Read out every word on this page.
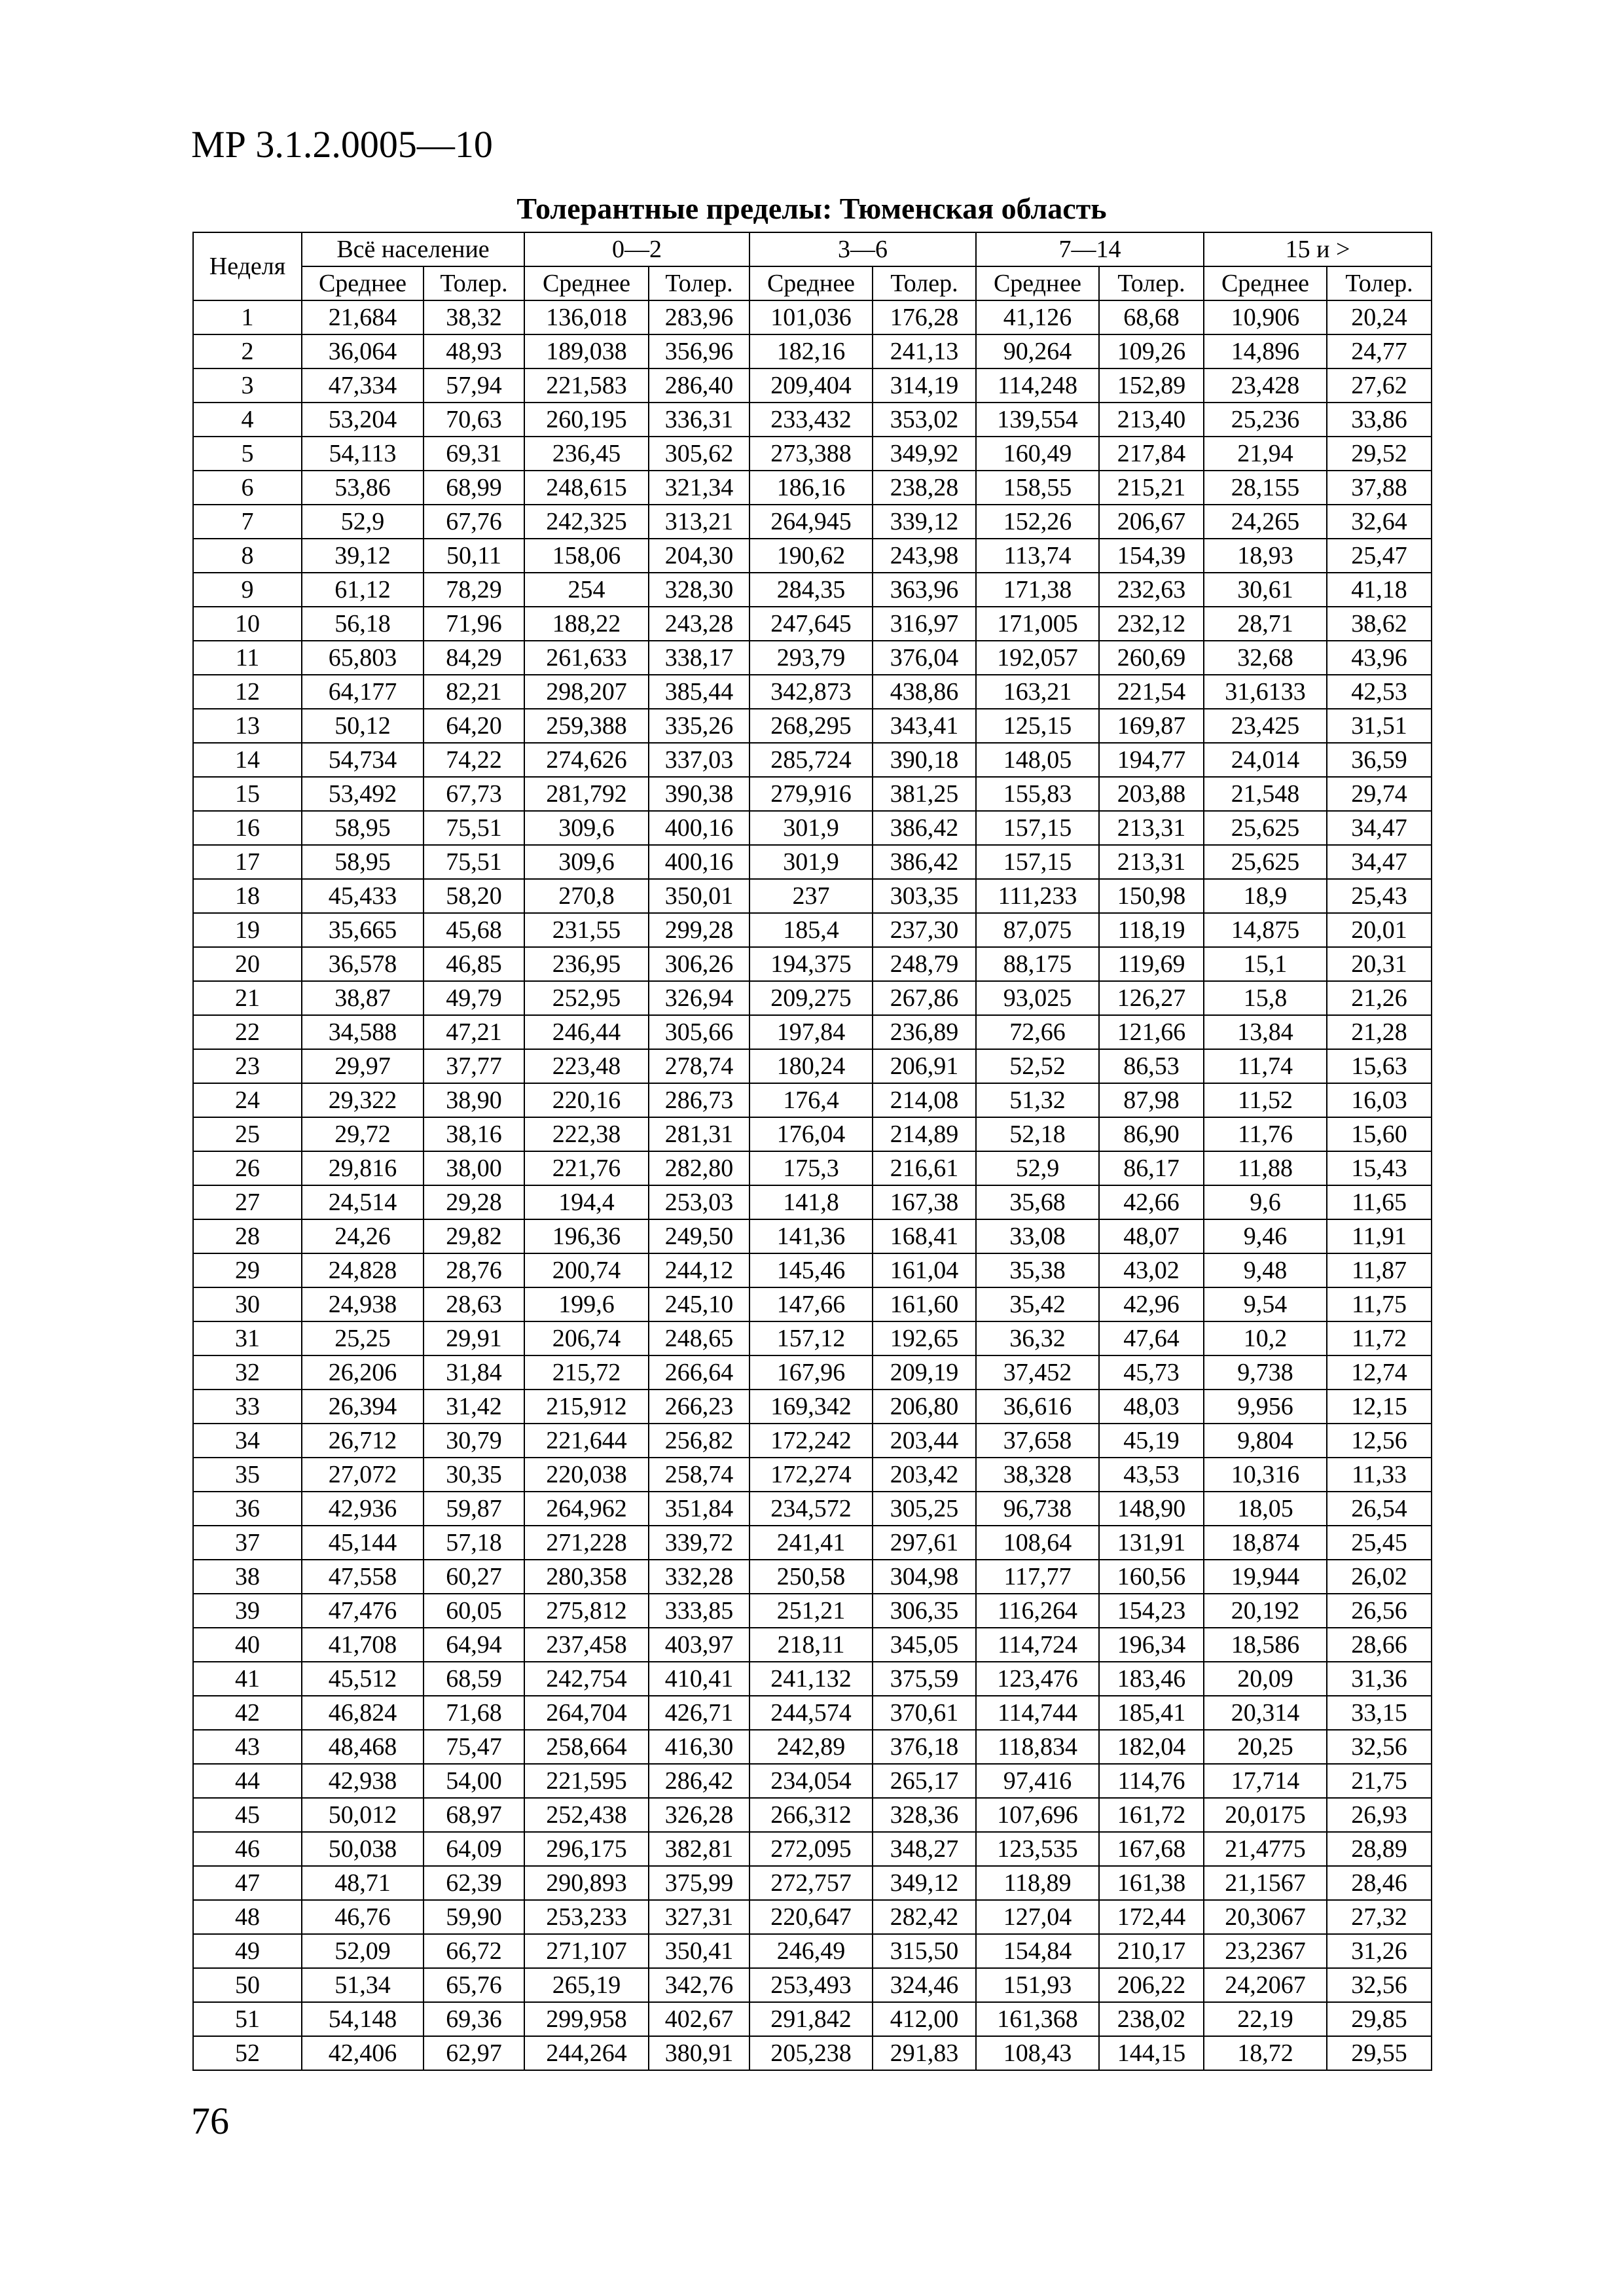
МР 3.1.2.0005—10
Толерантные пределы: Тюменская область
Неделя	Всё население		0—2		3—6		7—14		15 и >	
	Среднее	Толер.	Среднее	Толер.	Среднее	Толер.	Среднее	Толер.	Среднее	Толер.
1	21,684	38,32	136,018	283,96	101,036	176,28	41,126	68,68	10,906	20,24
2	36,064	48,93	189,038	356,96	182,16	241,13	90,264	109,26	14,896	24,77
3	47,334	57,94	221,583	286,40	209,404	314,19	114,248	152,89	23,428	27,62
4	53,204	70,63	260,195	336,31	233,432	353,02	139,554	213,40	25,236	33,86
5	54,113	69,31	236,45	305,62	273,388	349,92	160,49	217,84	21,94	29,52
6	53,86	68,99	248,615	321,34	186,16	238,28	158,55	215,21	28,155	37,88
7	52,9	67,76	242,325	313,21	264,945	339,12	152,26	206,67	24,265	32,64
8	39,12	50,11	158,06	204,30	190,62	243,98	113,74	154,39	18,93	25,47
9	61,12	78,29	254	328,30	284,35	363,96	171,38	232,63	30,61	41,18
10	56,18	71,96	188,22	243,28	247,645	316,97	171,005	232,12	28,71	38,62
11	65,803	84,29	261,633	338,17	293,79	376,04	192,057	260,69	32,68	43,96
12	64,177	82,21	298,207	385,44	342,873	438,86	163,21	221,54	31,6133	42,53
13	50,12	64,20	259,388	335,26	268,295	343,41	125,15	169,87	23,425	31,51
14	54,734	74,22	274,626	337,03	285,724	390,18	148,05	194,77	24,014	36,59
15	53,492	67,73	281,792	390,38	279,916	381,25	155,83	203,88	21,548	29,74
16	58,95	75,51	309,6	400,16	301,9	386,42	157,15	213,31	25,625	34,47
17	58,95	75,51	309,6	400,16	301,9	386,42	157,15	213,31	25,625	34,47
18	45,433	58,20	270,8	350,01	237	303,35	111,233	150,98	18,9	25,43
19	35,665	45,68	231,55	299,28	185,4	237,30	87,075	118,19	14,875	20,01
20	36,578	46,85	236,95	306,26	194,375	248,79	88,175	119,69	15,1	20,31
21	38,87	49,79	252,95	326,94	209,275	267,86	93,025	126,27	15,8	21,26
22	34,588	47,21	246,44	305,66	197,84	236,89	72,66	121,66	13,84	21,28
23	29,97	37,77	223,48	278,74	180,24	206,91	52,52	86,53	11,74	15,63
24	29,322	38,90	220,16	286,73	176,4	214,08	51,32	87,98	11,52	16,03
25	29,72	38,16	222,38	281,31	176,04	214,89	52,18	86,90	11,76	15,60
26	29,816	38,00	221,76	282,80	175,3	216,61	52,9	86,17	11,88	15,43
27	24,514	29,28	194,4	253,03	141,8	167,38	35,68	42,66	9,6	11,65
28	24,26	29,82	196,36	249,50	141,36	168,41	33,08	48,07	9,46	11,91
29	24,828	28,76	200,74	244,12	145,46	161,04	35,38	43,02	9,48	11,87
30	24,938	28,63	199,6	245,10	147,66	161,60	35,42	42,96	9,54	11,75
31	25,25	29,91	206,74	248,65	157,12	192,65	36,32	47,64	10,2	11,72
32	26,206	31,84	215,72	266,64	167,96	209,19	37,452	45,73	9,738	12,74
33	26,394	31,42	215,912	266,23	169,342	206,80	36,616	48,03	9,956	12,15
34	26,712	30,79	221,644	256,82	172,242	203,44	37,658	45,19	9,804	12,56
35	27,072	30,35	220,038	258,74	172,274	203,42	38,328	43,53	10,316	11,33
36	42,936	59,87	264,962	351,84	234,572	305,25	96,738	148,90	18,05	26,54
37	45,144	57,18	271,228	339,72	241,41	297,61	108,64	131,91	18,874	25,45
38	47,558	60,27	280,358	332,28	250,58	304,98	117,77	160,56	19,944	26,02
39	47,476	60,05	275,812	333,85	251,21	306,35	116,264	154,23	20,192	26,56
40	41,708	64,94	237,458	403,97	218,11	345,05	114,724	196,34	18,586	28,66
41	45,512	68,59	242,754	410,41	241,132	375,59	123,476	183,46	20,09	31,36
42	46,824	71,68	264,704	426,71	244,574	370,61	114,744	185,41	20,314	33,15
43	48,468	75,47	258,664	416,30	242,89	376,18	118,834	182,04	20,25	32,56
44	42,938	54,00	221,595	286,42	234,054	265,17	97,416	114,76	17,714	21,75
45	50,012	68,97	252,438	326,28	266,312	328,36	107,696	161,72	20,0175	26,93
46	50,038	64,09	296,175	382,81	272,095	348,27	123,535	167,68	21,4775	28,89
47	48,71	62,39	290,893	375,99	272,757	349,12	118,89	161,38	21,1567	28,46
48	46,76	59,90	253,233	327,31	220,647	282,42	127,04	172,44	20,3067	27,32
49	52,09	66,72	271,107	350,41	246,49	315,50	154,84	210,17	23,2367	31,26
50	51,34	65,76	265,19	342,76	253,493	324,46	151,93	206,22	24,2067	32,56
51	54,148	69,36	299,958	402,67	291,842	412,00	161,368	238,02	22,19	29,85
52	42,406	62,97	244,264	380,91	205,238	291,83	108,43	144,15	18,72	29,55
76
